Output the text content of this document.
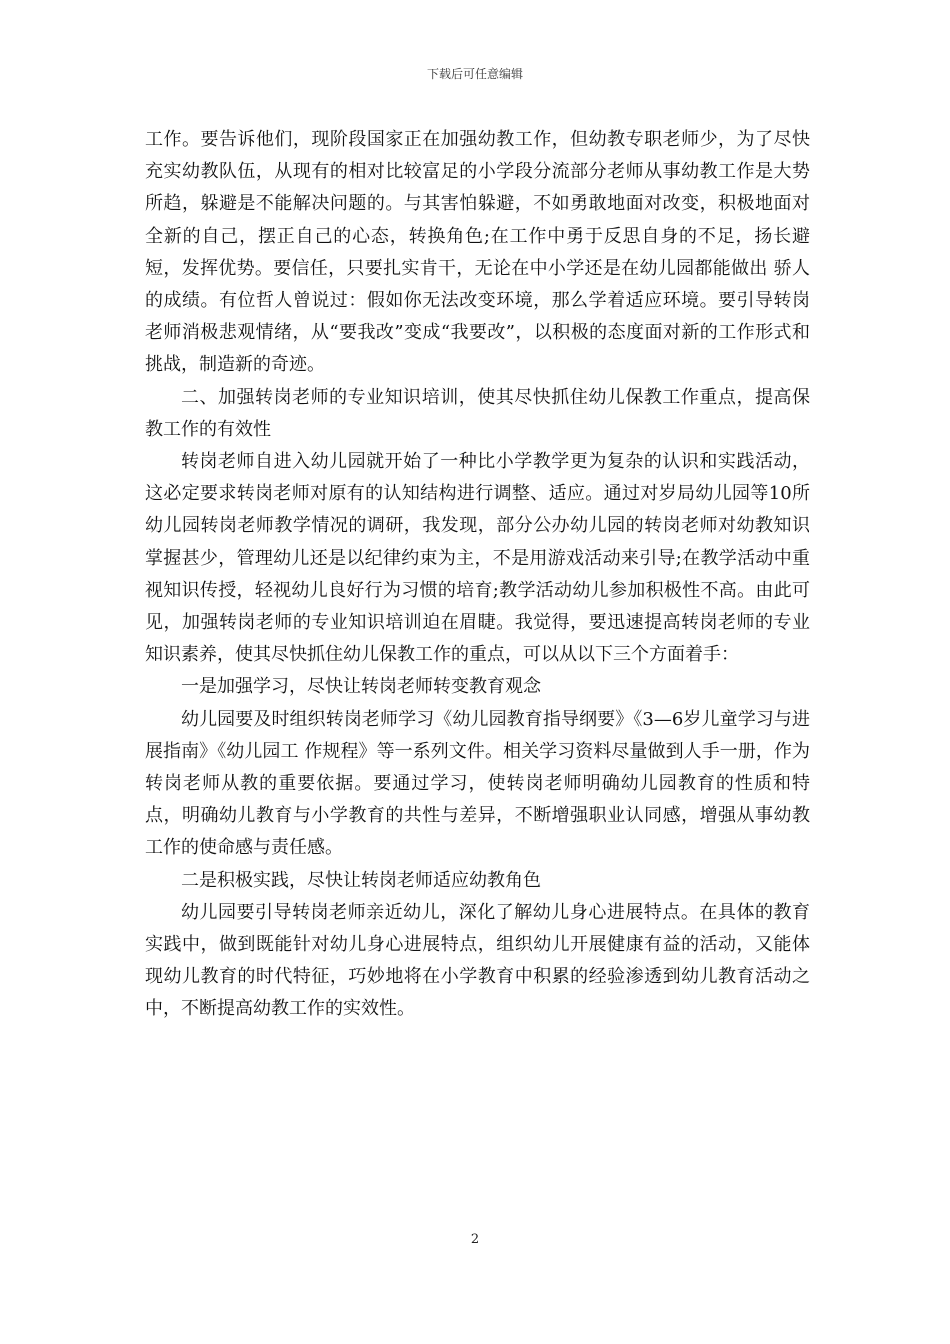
下载后可任意编辑

工作。要告诉他们，现阶段国家正在加强幼教工作，但幼教专职老师少，为了尽快充实幼教队伍，从现有的相对比较富足的小学段分流部分老师从事幼教工作是大势所趋，躲避是不能解决问题的。与其害怕躲避，不如勇敢地面对改变，积极地面对全新的自己，摆正自己的心态，转换角色;在工作中勇于反思自身的不足，扬长避短，发挥优势。要信任，只要扎实肯干，无论在中小学还是在幼儿园都能做出 骄人的成绩。有位哲人曾说过：假如你无法改变环境，那么学着适应环境。要引导转岗老师消极悲观情绪，从“要我改”变成“我要改”，以积极的态度面对新的工作形式和挑战，制造新的奇迹。

二、加强转岗老师的专业知识培训，使其尽快抓住幼儿保教工作重点，提高保教工作的有效性

转岗老师自进入幼儿园就开始了一种比小学教学更为复杂的认识和实践活动，这必定要求转岗老师对原有的认知结构进行调整、适应。通过对岁局幼儿园等10所幼儿园转岗老师教学情况的调研，我发现，部分公办幼儿园的转岗老师对幼教知识掌握甚少，管理幼儿还是以纪律约束为主，不是用游戏活动来引导;在教学活动中重视知识传授，轻视幼儿良好行为习惯的培育;教学活动幼儿参加积极性不高。由此可见，加强转岗老师的专业知识培训迫在眉睫。我觉得，要迅速提高转岗老师的专业知识素养，使其尽快抓住幼儿保教工作的重点，可以从以下三个方面着手：

一是加强学习，尽快让转岗老师转变教育观念

幼儿园要及时组织转岗老师学习《幼儿园教育指导纲要》《3—6岁儿童学习与进展指南》《幼儿园工 作规程》等一系列文件。相关学习资料尽量做到人手一册，作为转岗老师从教的重要依据。要通过学习，使转岗老师明确幼儿园教育的性质和特点，明确幼儿教育与小学教育的共性与差异，不断增强职业认同感，增强从事幼教工作的使命感与责任感。

二是积极实践，尽快让转岗老师适应幼教角色

幼儿园要引导转岗老师亲近幼儿，深化了解幼儿身心进展特点。在具体的教育实践中，做到既能针对幼儿身心进展特点，组织幼儿开展健康有益的活动，又能体现幼儿教育的时代特征，巧妙地将在小学教育中积累的经验渗透到幼儿教育活动之中，不断提高幼教工作的实效性。

2
